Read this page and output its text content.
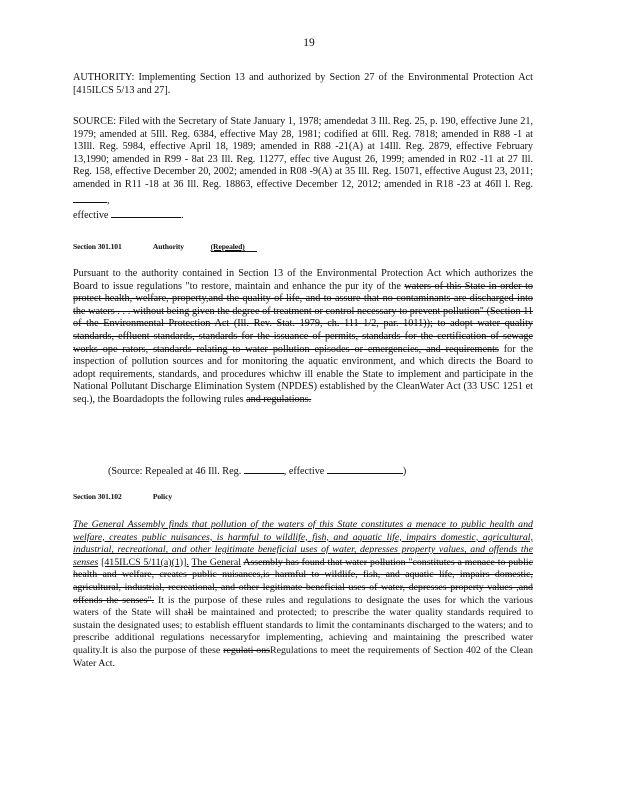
19
AUTHORITY: Implementing Section 13 and authorized by Section 27 of the Environmental Protection Act [415ILCS 5/13 and 27].
SOURCE: Filed with the Secretary of State January 1, 1978; amendedat 3 Ill. Reg. 25, p. 190, effective June 21, 1979; amended at 5Ill. Reg. 6384, effective May 28, 1981; codified at 6Ill. Reg. 7818; amended in R88 -1 at 13Ill. Reg. 5984, effective April 18, 1989; amended in R88 -21(A) at 14Ill. Reg. 2879, effective February 13,1990; amended in R99 - 8at 23 Ill. Reg. 11277, effec tive August 26, 1999; amended in R02 -11 at 27 Ill. Reg. 158, effective December 20, 2002; amended in R08 -9(A) at 35 Ill. Reg. 15071, effective August 23, 2011; amended in R11 -18 at 36 Ill. Reg. 18863, effective December 12, 2012; amended in R18 -23 at 46Il l. Reg. ,
effective	.
Section 301.101	Authority	(Repealed)
Pursuant to the authority contained in Section 13 of the Environmental Protection Act which authorizes the Board to issue regulations "to restore, maintain and enhance the pur ity of the waters of this State in order to protect health, welfare, property,and the quality of life, and to assure that no contaminants are discharged into the waters . . . without being given the degree of treatment or control necessary to prevent pollution" (Section 11 of the Environmental Protection Act (Ill. Rev. Stat. 1979, ch. 111 1/2, par. 1011)); to adopt water quality standards, effluent standards, standards for the issuance of permits, standards for the certification of sewage works ope rators, standards relating to water pollution episodes or emergencies, and requirements for the inspection of pollution sources and for monitoring the aquatic environment, and which directs the Board to adopt requirements, standards, and procedures whichw ill enable the State to implement and participate in the National Pollutant Discharge Elimination System (NPDES) established by the CleanWater Act (33 USC 1251 et seq.), the Boardadopts the following rules and regulations.
(Source: Repealed at 46 Ill. Reg.	, effective	)
Section 301.102	Policy
The General Assembly finds that pollution of the waters of this State constitutes a menace to public health and welfare, creates public nuisances, is harmful to wildlife, fish, and aquatic life, impairs domestic, agricultural, industrial, recreational, and other legitimate beneficial uses of water, depresses property values, and offends the senses [415ILCS 5/11(a)(1)]. The General Assembly has found that water pollution "constitutes a menace to public health and welfare, creates public nuisances,is harmful to wildlife, fish, and aquatic life, impairs domestic, agricultural, industrial, recreational, and other legitimate beneficial uses of water, depresses property values ,and offends the senses". It is the purpose of these rules and regulations to designate the uses for which the various waters of the State will shall be maintained and protected; to prescribe the water quality standards required to sustain the designated uses; to establish effluent standards to limit the contaminants discharged to the waters; and to prescribe additional regulations necessaryfor implementing, achieving and maintaining the prescribed water quality.It is also the purpose of these regulati onsRegulations to meet the requirements of Section 402 of the Clean Water Act.
